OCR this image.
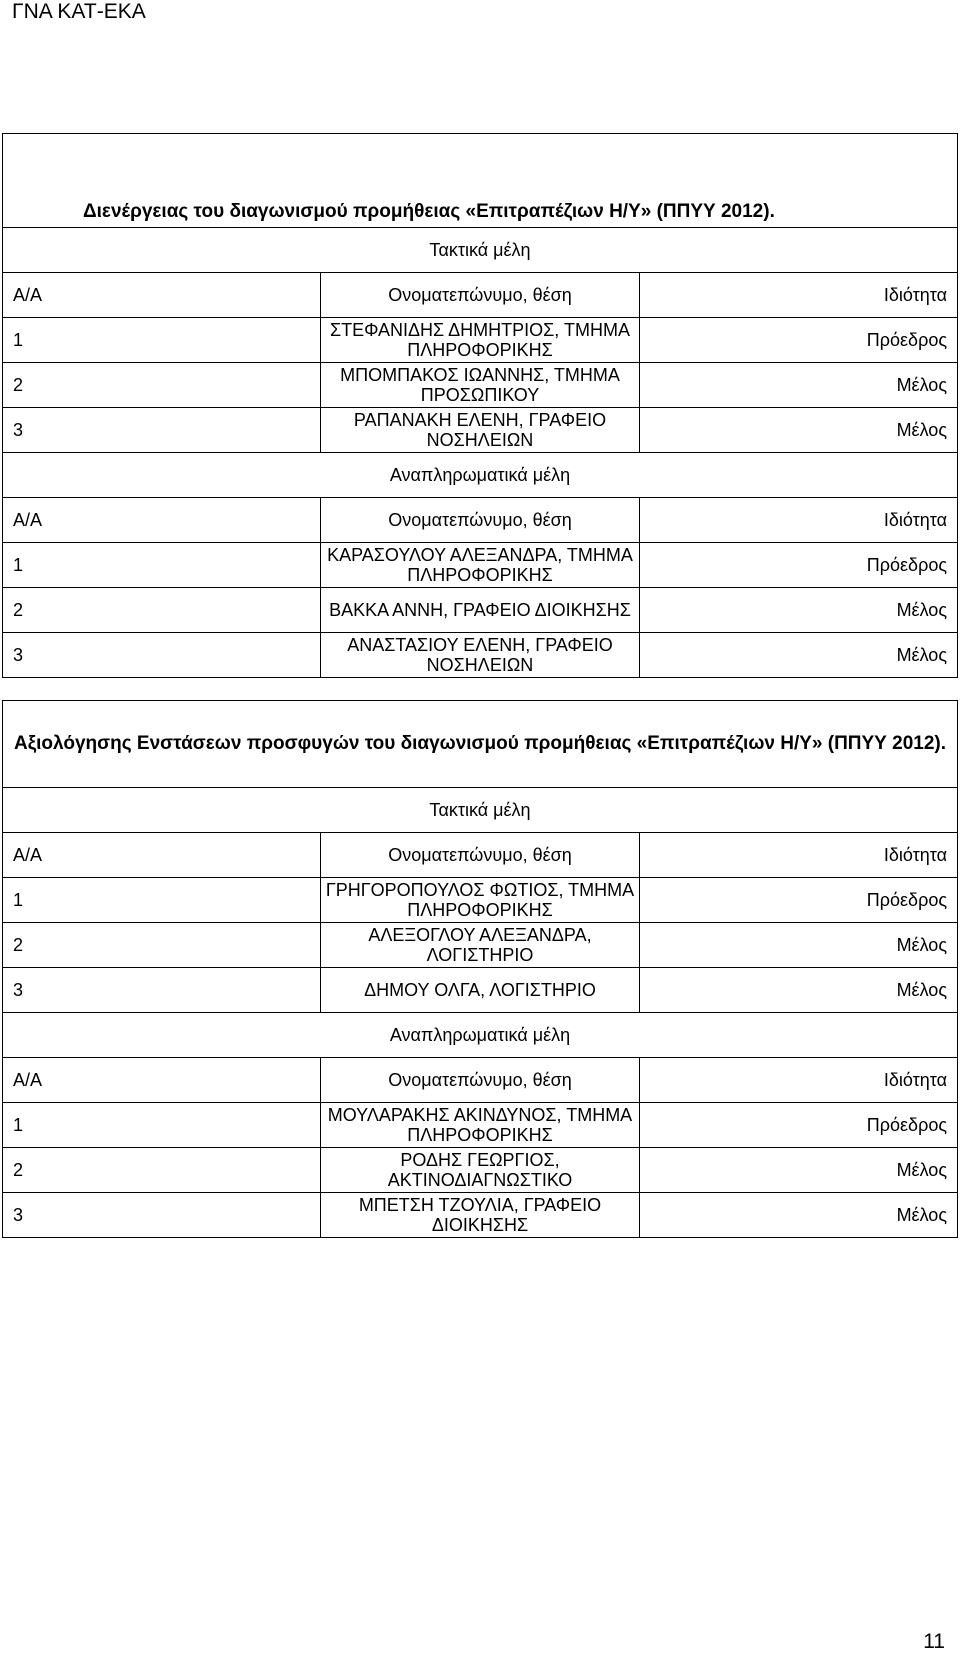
ΓΝΑ ΚΑΤ-ΕΚΑ
Διενέργειας του διαγωνισμού προμήθειας «Επιτραπέζιων Η/Υ» (ΠΠΥΥ 2012).		
Τακτικά μέλη		
Α/Α	Ονοματεπώνυμο, θέση	Ιδιότητα
1	ΣΤΕΦΑΝΙΔΗΣ ΔΗΜΗΤΡΙΟΣ, ΤΜΗΜΑ ΠΛΗΡΟΦΟΡΙΚΗΣ	Πρόεδρος
2	ΜΠΟΜΠΑΚΟΣ ΙΩΑΝΝΗΣ, ΤΜΗΜΑ ΠΡΟΣΩΠΙΚΟΥ	Μέλος
3	ΡΑΠΑΝΑΚΗ ΕΛΕΝΗ, ΓΡΑΦΕΙΟ ΝΟΣΗΛΕΙΩΝ	Μέλος
Αναπληρωματικά μέλη		
Α/Α	Ονοματεπώνυμο, θέση	Ιδιότητα
1	ΚΑΡΑΣΟΥΛΟΥ ΑΛΕΞΑΝΔΡΑ, ΤΜΗΜΑ ΠΛΗΡΟΦΟΡΙΚΗΣ	Πρόεδρος
2	ΒΑΚΚΑ ΑΝΝΗ, ΓΡΑΦΕΙΟ ΔΙΟΙΚΗΣΗΣ	Μέλος
3	ΑΝΑΣΤΑΣΙΟΥ ΕΛΕΝΗ, ΓΡΑΦΕΙΟ ΝΟΣΗΛΕΙΩΝ	Μέλος
Αξιολόγησης Ενστάσεων προσφυγών του διαγωνισμού προμήθειας «Επιτραπέζιων Η/Υ» (ΠΠΥΥ 2012).		
Τακτικά μέλη		
Α/Α	Ονοματεπώνυμο, θέση	Ιδιότητα
1	ΓΡΗΓΟΡΟΠΟΥΛΟΣ ΦΩΤΙΟΣ, ΤΜΗΜΑ ΠΛΗΡΟΦΟΡΙΚΗΣ	Πρόεδρος
2	ΑΛΕΞΟΓΛΟΥ ΑΛΕΞΑΝΔΡΑ, ΛΟΓΙΣΤΗΡΙΟ	Μέλος
3	ΔΗΜΟΥ ΟΛΓΑ, ΛΟΓΙΣΤΗΡΙΟ	Μέλος
Αναπληρωματικά μέλη		
Α/Α	Ονοματεπώνυμο, θέση	Ιδιότητα
1	ΜΟΥΛΑΡΑΚΗΣ ΑΚΙΝΔΥΝΟΣ, ΤΜΗΜΑ ΠΛΗΡΟΦΟΡΙΚΗΣ	Πρόεδρος
2	ΡΟΔΗΣ ΓΕΩΡΓΙΟΣ, ΑΚΤΙΝΟΔΙΑΓΝΩΣΤΙΚΟ	Μέλος
3	ΜΠΕΤΣΗ ΤΖΟΥΛΙΑ, ΓΡΑΦΕΙΟ ΔΙΟΙΚΗΣΗΣ	Μέλος
11
